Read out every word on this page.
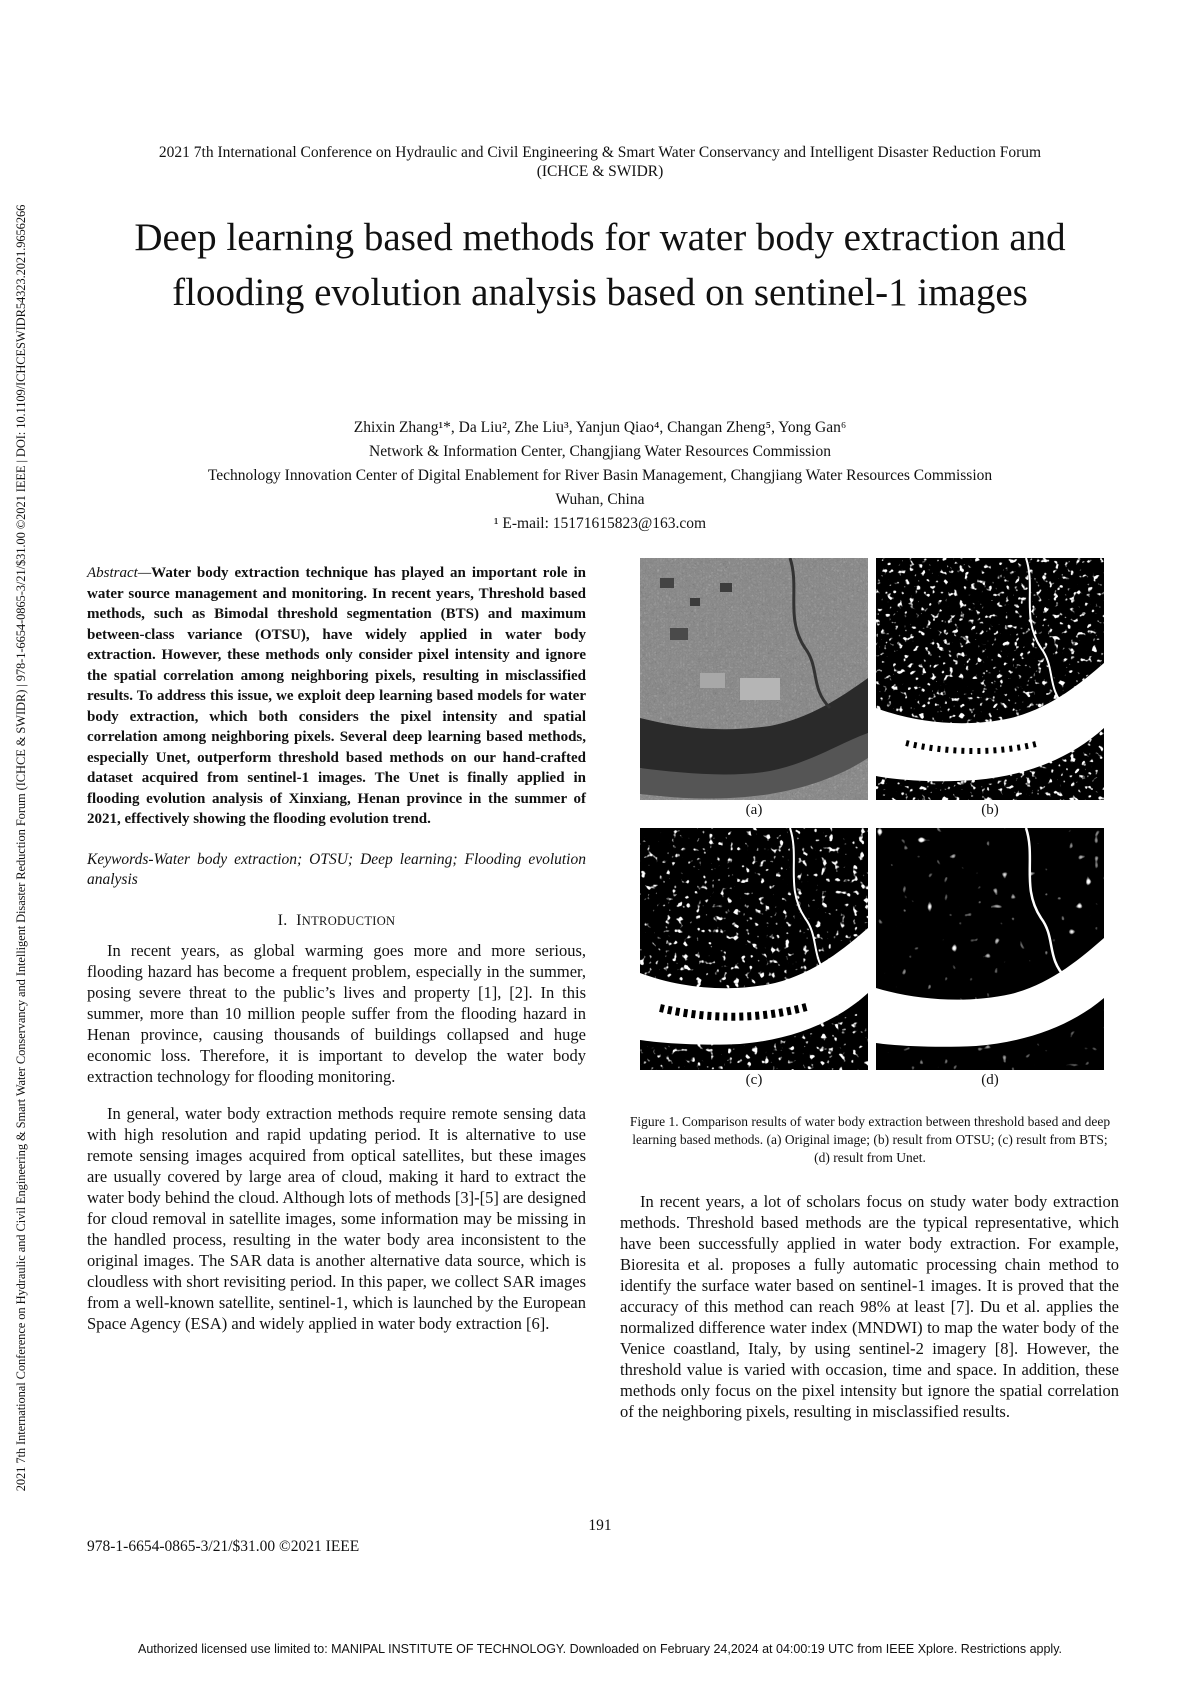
2021 7th International Conference on Hydraulic and Civil Engineering & Smart Water Conservancy and Intelligent Disaster Reduction Forum (ICHCE & SWIDR) | 978-1-6654-0865-3/21/$31.00 ©2021 IEEE | DOI: 10.1109/ICHCESWIDR54323.2021.9656266
2021 7th International Conference on Hydraulic and Civil Engineering & Smart Water Conservancy and Intelligent Disaster Reduction Forum
(ICHCE & SWIDR)
Deep learning based methods for water body extraction and flooding evolution analysis based on sentinel-1 images
Zhixin Zhang¹*, Da Liu², Zhe Liu³, Yanjun Qiao⁴, Changan Zheng⁵, Yong Gan⁶
Network & Information Center, Changjiang Water Resources Commission
Technology Innovation Center of Digital Enablement for River Basin Management, Changjiang Water Resources Commission
Wuhan, China
¹ E-mail: 15171615823@163.com
Abstract—Water body extraction technique has played an important role in water source management and monitoring. In recent years, Threshold based methods, such as Bimodal threshold segmentation (BTS) and maximum between-class variance (OTSU), have widely applied in water body extraction. However, these methods only consider pixel intensity and ignore the spatial correlation among neighboring pixels, resulting in misclassified results. To address this issue, we exploit deep learning based models for water body extraction, which both considers the pixel intensity and spatial correlation among neighboring pixels. Several deep learning based methods, especially Unet, outperform threshold based methods on our hand-crafted dataset acquired from sentinel-1 images. The Unet is finally applied in flooding evolution analysis of Xinxiang, Henan province in the summer of 2021, effectively showing the flooding evolution trend.
Keywords-Water body extraction; OTSU; Deep learning; Flooding evolution analysis
I. INTRODUCTION

In recent years, as global warming goes more and more serious, flooding hazard has become a frequent problem, especially in the summer, posing severe threat to the public’s lives and property [1], [2]. In this summer, more than 10 million people suffer from the flooding hazard in Henan province, causing thousands of buildings collapsed and huge economic loss. Therefore, it is important to develop the water body extraction technology for flooding monitoring.

In general, water body extraction methods require remote sensing data with high resolution and rapid updating period. It is alternative to use remote sensing images acquired from optical satellites, but these images are usually covered by large area of cloud, making it hard to extract the water body behind the cloud. Although lots of methods [3]-[5] are designed for cloud removal in satellite images, some information may be missing in the handled process, resulting in the water body area inconsistent to the original images. The SAR data is another alternative data source, which is cloudless with short revisiting period. In this paper, we collect SAR images from a well-known satellite, sentinel-1, which is launched by the European Space Agency (ESA) and widely applied in water body extraction [6].

(a)	(b)
(c)	(d)
Figure 1. Comparison results of water body extraction between threshold based and deep learning based methods. (a) Original image; (b) result from OTSU; (c) result from BTS; (d) result from Unet.

In recent years, a lot of scholars focus on study water body extraction methods. Threshold based methods are the typical representative, which have been successfully applied in water body extraction. For example, Bioresita et al. proposes a fully automatic processing chain method to identify the surface water based on sentinel-1 images. It is proved that the accuracy of this method can reach 98% at least [7]. Du et al. applies the normalized difference water index (MNDWI) to map the water body of the Venice coastland, Italy, by using sentinel-2 imagery [8]. However, the threshold value is varied with occasion, time and space. In addition, these methods only focus on the pixel intensity but ignore the spatial correlation of the neighboring pixels, resulting in misclassified results.

191
978-1-6654-0865-3/21/$31.00 ©2021 IEEE
Authorized licensed use limited to: MANIPAL INSTITUTE OF TECHNOLOGY. Downloaded on February 24,2024 at 04:00:19 UTC from IEEE Xplore. Restrictions apply.
